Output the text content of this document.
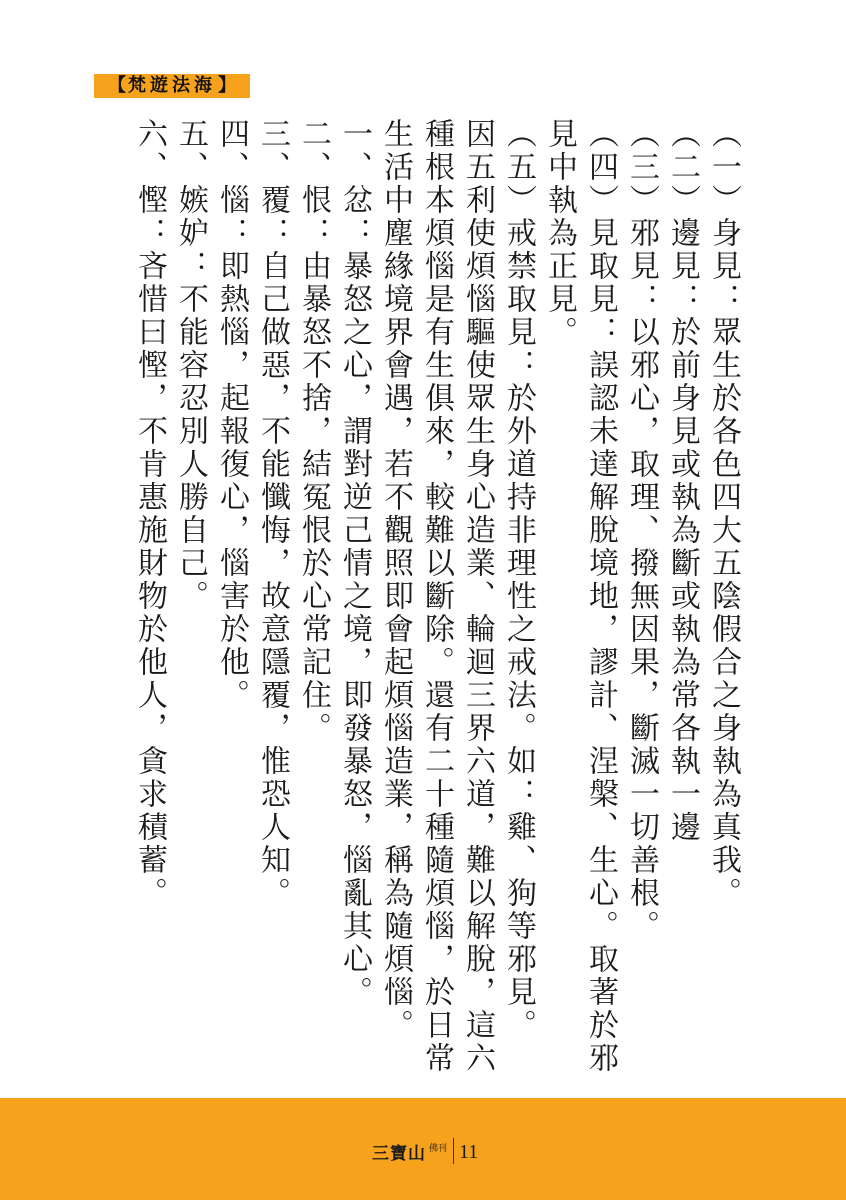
【 梵遊法海 】

（一）身見：眾生於各色四大五陰假合之身執為真我。

（二）邊見：於前身見或執為斷或執為常各執一邊

（三）邪見：以邪心，取理、撥無因果，斷滅一切善根。

（四）見取見：誤認未達解脫境地，謬計、涅槃、生心。取著於邪見中執為正見。

（五）戒禁取見：於外道持非理性之戒法。如：雞、狗等邪見。

因五利使煩惱驅使眾生身心造業、輪迴三界六道，難以解脫，這六種根本煩惱是有生俱來，較難以斷除。還有二十種隨煩惱，於日常生活中塵緣境界會遇，若不觀照即會起煩惱造業，稱為隨煩惱。

一、忿：暴怒之心，謂對逆己情之境，即發暴怒，惱亂其心。

二、恨：由暴怒不捨，結冤恨於心常記住。

三、覆：自己做惡，不能懺悔，故意隱覆，惟恐人知。

四、惱：即熱惱，起報復心，惱害於他。

五、嫉妒：不能容忍別人勝自己。

六、慳：吝惜曰慳，不肯惠施財物於他人，貪求積蓄。

三寶山 佛刊 11
